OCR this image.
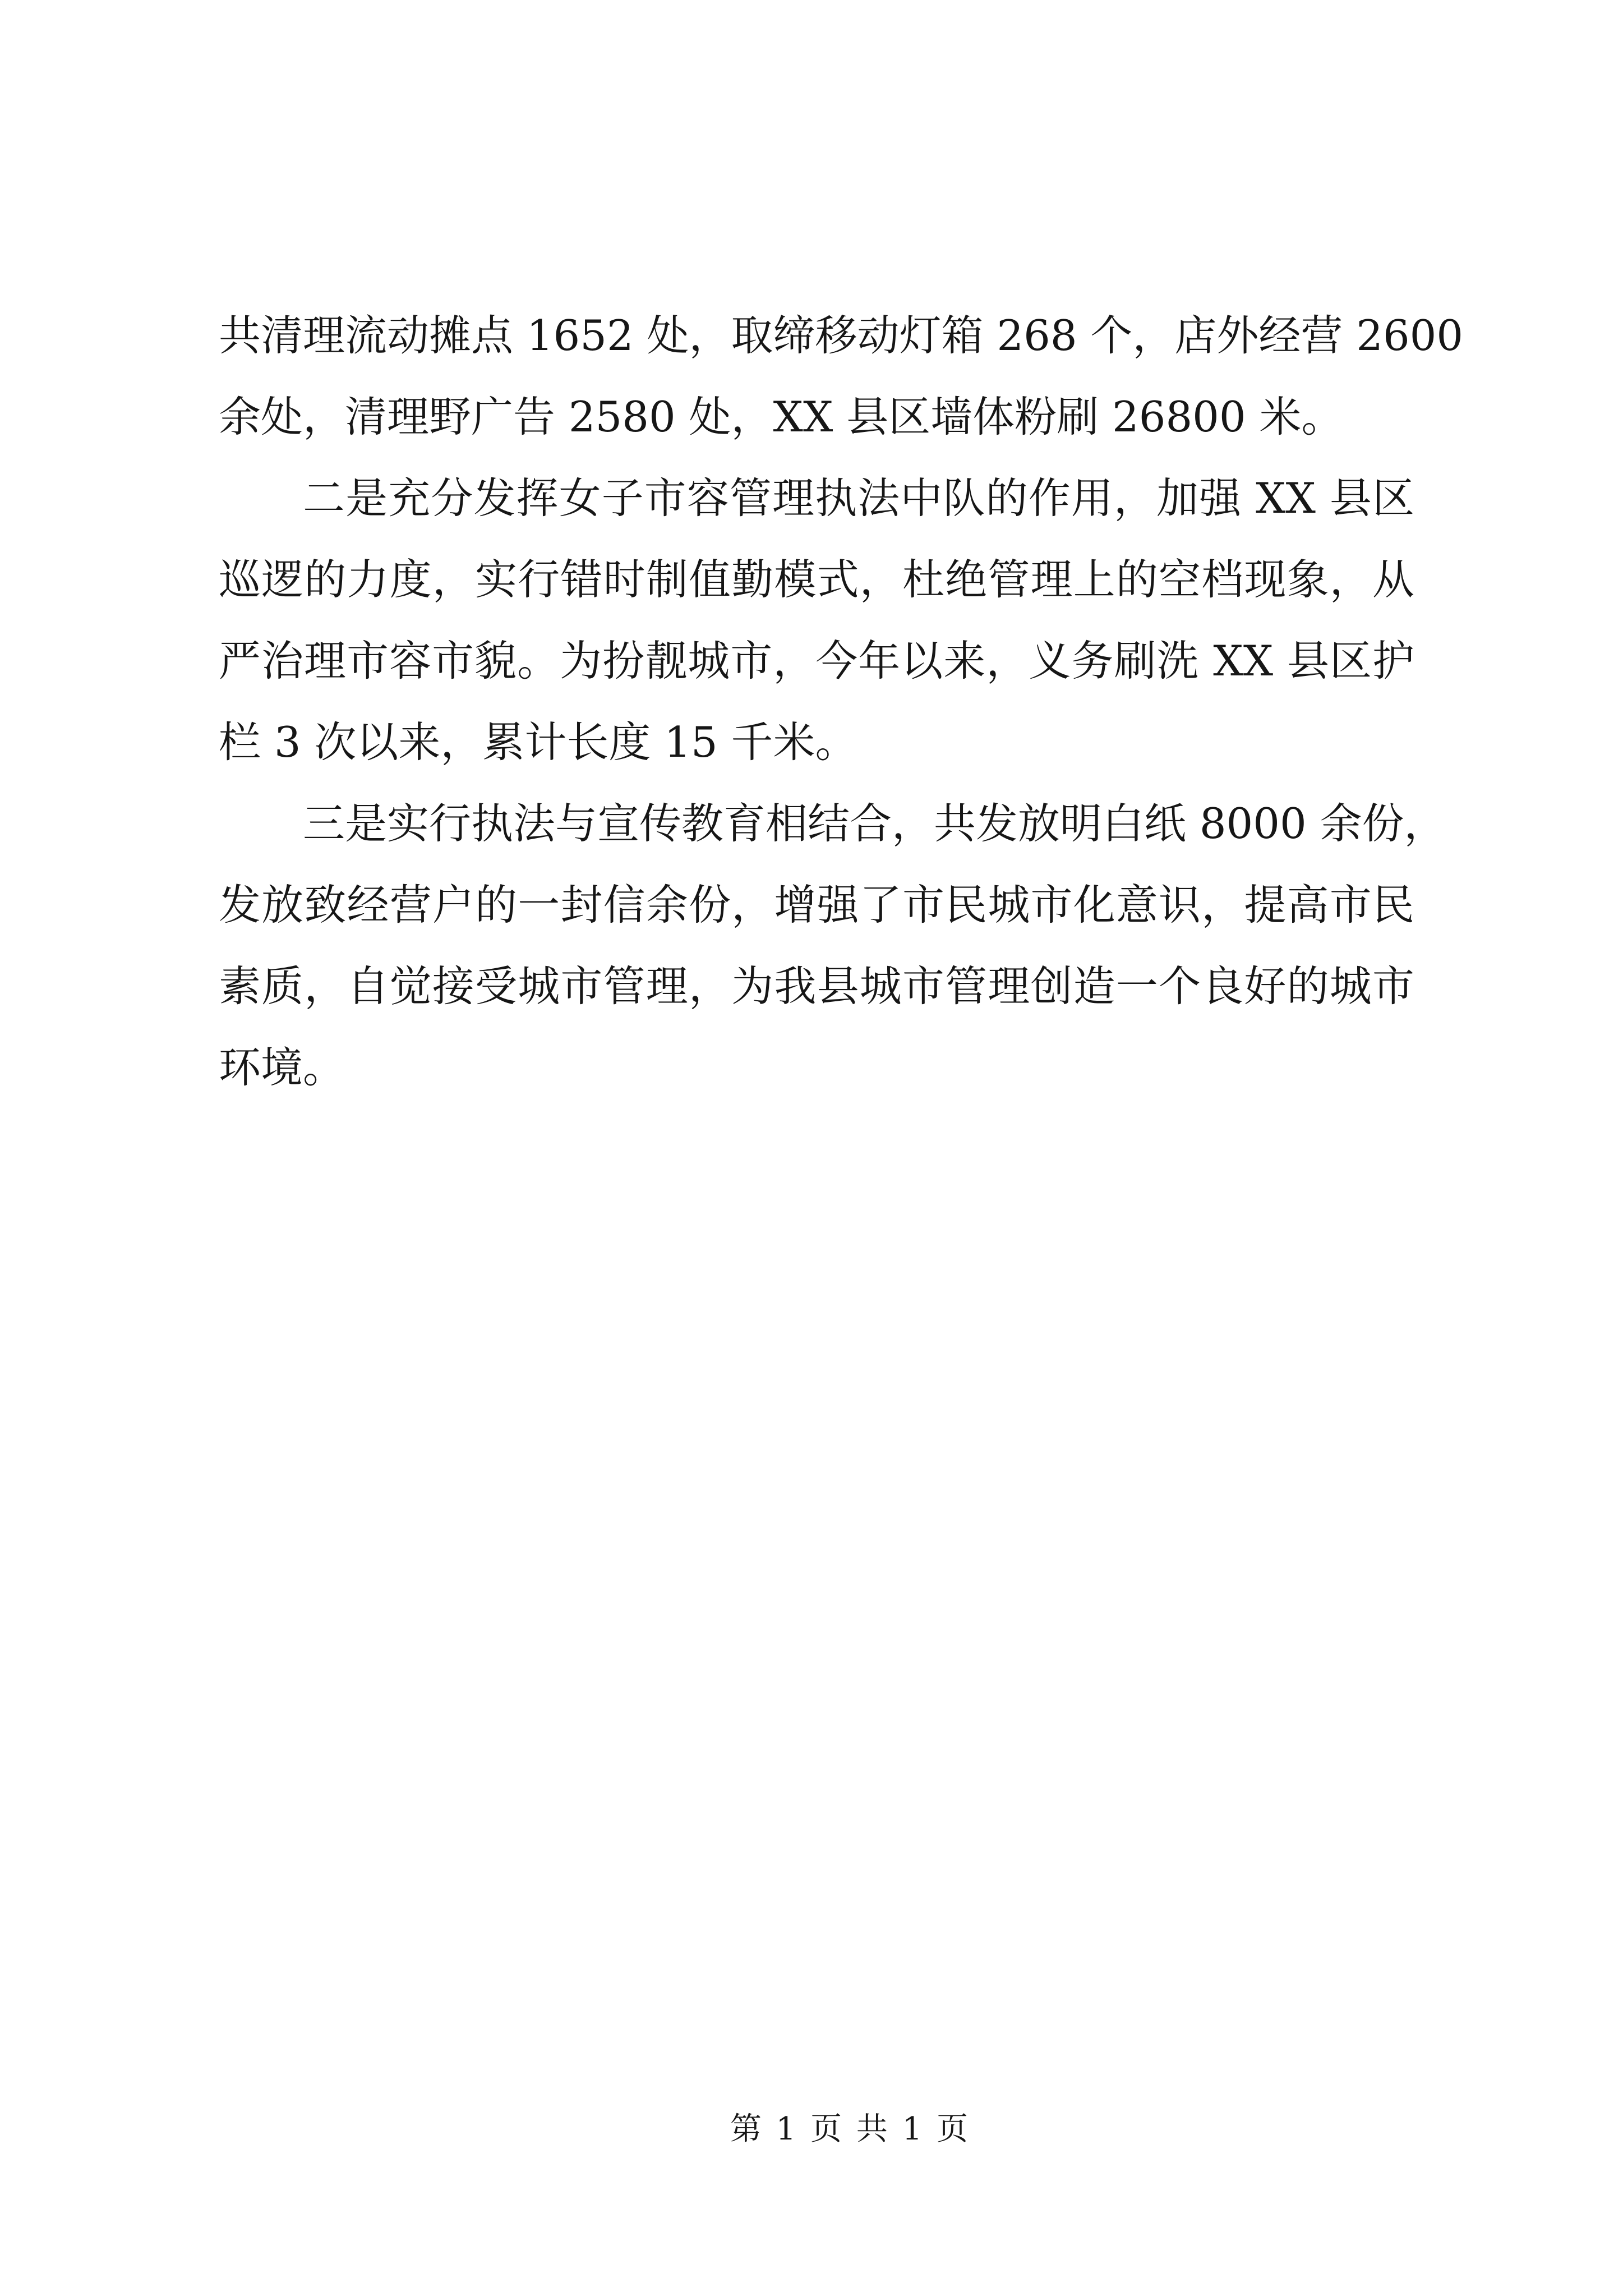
共清理流动摊点 1652 处，取缔移动灯箱 268 个，店外经营 2600
余处，清理野广告 2580 处，XX 县区墙体粉刷 26800 米。
二是充分发挥女子市容管理执法中队的作用，加强 XX 县区
巡逻的力度，实行错时制值勤模式，杜绝管理上的空档现象，从
严治理市容市貌。为扮靓城市，今年以来，义务刷洗 XX 县区护
栏 3 次以来，累计长度 15 千米。
三是实行执法与宣传教育相结合，共发放明白纸 8000 余份，
发放致经营户的一封信余份，增强了市民城市化意识，提高市民
素质，自觉接受城市管理，为我县城市管理创造一个良好的城市
环境。
第 1 页 共 1 页
